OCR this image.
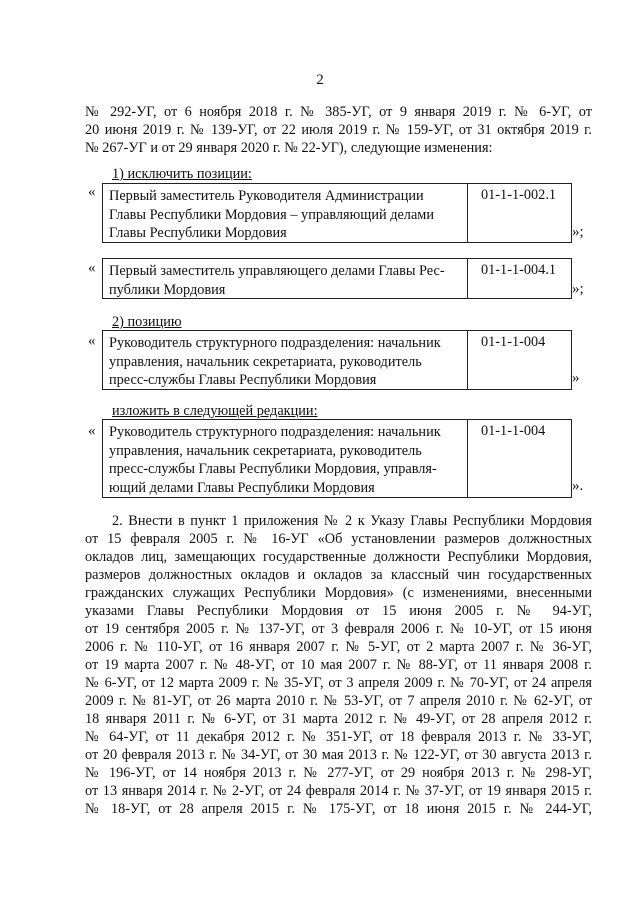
2
№ 292-УГ, от 6 ноября 2018 г. № 385-УГ, от 9 января 2019 г. № 6-УГ, от
20 июня 2019 г. № 139-УГ, от 22 июля 2019 г. № 159-УГ, от 31 октября 2019 г.
№ 267-УГ и от 29 января 2020 г. № 22-УГ), следующие изменения:
1) исключить позиции:
« Первый заместитель Руководителя Администрации
Главы Республики Мордовия – управляющий делами
Главы Республики Мордовия
01-1-1-002.1
»;
« Первый заместитель управляющего делами Главы Рес-
публики Мордовия
01-1-1-004.1
»;
2) позицию
« Руководитель структурного подразделения: начальник
управления, начальник секретариата, руководитель
пресс-службы Главы Республики Мордовия
01-1-1-004
»
изложить в следующей редакции:
« Руководитель структурного подразделения: начальник
управления, начальник секретариата, руководитель
пресс-службы Главы Республики Мордовия, управля-
ющий делами Главы Республики Мордовия
01-1-1-004
».
2. Внести в пункт 1 приложения № 2 к Указу Главы Республики Мордовия
от 15 февраля 2005 г. № 16-УГ «Об установлении размеров должностных
окладов лиц, замещающих государственные должности Республики Мордовия,
размеров должностных окладов и окладов за классный чин государственных
гражданских служащих Республики Мордовия» (с изменениями, внесенными
указами Главы Республики Мордовия от 15 июня 2005 г. № 94-УГ,
от 19 сентября 2005 г. № 137-УГ, от 3 февраля 2006 г. № 10-УГ, от 15 июня
2006 г. № 110-УГ, от 16 января 2007 г. № 5-УГ, от 2 марта 2007 г. № 36-УГ,
от 19 марта 2007 г. № 48-УГ, от 10 мая 2007 г. № 88-УГ, от 11 января 2008 г.
№ 6-УГ, от 12 марта 2009 г. № 35-УГ, от 3 апреля 2009 г. № 70-УГ, от 24 апреля
2009 г. № 81-УГ, от 26 марта 2010 г. № 53-УГ, от 7 апреля 2010 г. № 62-УГ, от
18 января 2011 г. № 6-УГ, от 31 марта 2012 г. № 49-УГ, от 28 апреля 2012 г.
№ 64-УГ, от 11 декабря 2012 г. № 351-УГ, от 18 февраля 2013 г. № 33-УГ,
от 20 февраля 2013 г. № 34-УГ, от 30 мая 2013 г. № 122-УГ, от 30 августа 2013 г.
№ 196-УГ, от 14 ноября 2013 г. № 277-УГ, от 29 ноября 2013 г. № 298-УГ,
от 13 января 2014 г. № 2-УГ, от 24 февраля 2014 г. № 37-УГ, от 19 января 2015 г.
№ 18-УГ, от 28 апреля 2015 г. № 175-УГ, от 18 июня 2015 г. № 244-УГ,
